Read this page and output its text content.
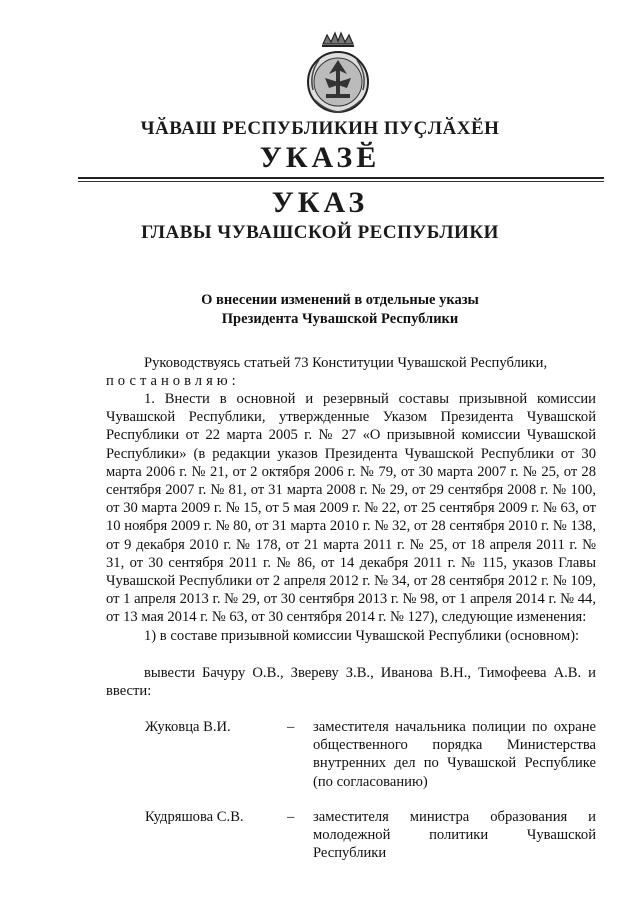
ЧӐВАШ РЕСПУБЛИКИН ПУҪЛӐХӖН
УКАЗӖ
УКАЗ
ГЛАВЫ ЧУВАШСКОЙ РЕСПУБЛИКИ
О внесении изменений в отдельные указы
Президента Чувашской Республики
Руководствуясь статьей 73 Конституции Чувашской Республики,
постановляю:
1. Внести в основной и резервный составы призывной комиссии Чувашской Республики, утвержденные Указом Президента Чувашской Республики от 22 марта 2005 г. № 27 «О призывной комиссии Чувашской Республики» (в редакции указов Президента Чувашской Республики от 30 марта 2006 г. № 21, от 2 октября 2006 г. № 79, от 30 марта 2007 г. № 25, от 28 сентября 2007 г. № 81, от 31 марта 2008 г. № 29, от 29 сентября 2008 г. № 100, от 30 марта 2009 г. № 15, от 5 мая 2009 г. № 22, от 25 сентября 2009 г. № 63, от 10 ноября 2009 г. № 80, от 31 марта 2010 г. № 32, от 28 сентября 2010 г. № 138, от 9 декабря 2010 г. № 178, от 21 марта 2011 г. № 25, от 18 апреля 2011 г. № 31, от 30 сентября 2011 г. № 86, от 14 декабря 2011 г. № 115, указов Главы Чувашской Республики от 2 апреля 2012 г. № 34, от 28 сентября 2012 г. № 109, от 1 апреля 2013 г. № 29, от 30 сентября 2013 г. № 98, от 1 апреля 2014 г. № 44, от 13 мая 2014 г. № 63, от 30 сентября 2014 г. № 127), следующие изменения:
1) в составе призывной комиссии Чувашской Республики (основном):
вывести Бачуру О.В., Звереву З.В., Иванова В.Н., Тимофеева А.В. и ввести:
Жуковца В.И.	– заместителя начальника полиции по охране общественного порядка Министерства внутренних дел по Чувашской Республике (по согласованию)
Кудряшова С.В.	– заместителя министра образования и молодежной политики Чувашской Республики
